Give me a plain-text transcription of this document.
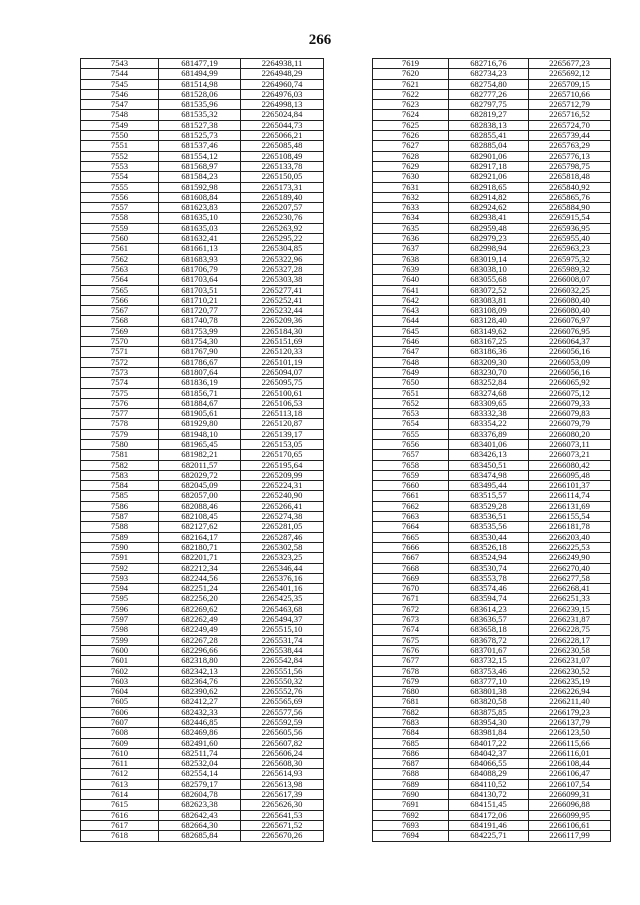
266
7543	681477,19	2264938,11
7544	681494,99	2264948,29
7545	681514,98	2264960,74
7546	681528,06	2264976,03
7547	681535,96	2264998,13
7548	681535,32	2265024,84
7549	681527,38	2265044,73
7550	681525,73	2265066,21
7551	681537,46	2265085,48
7552	681554,12	2265108,49
7553	681568,97	2265133,78
7554	681584,23	2265150,05
7555	681592,98	2265173,31
7556	681608,84	2265189,40
7557	681623,83	2265207,57
7558	681635,10	2265230,76
7559	681635,03	2265263,92
7560	681632,41	2265295,22
7561	681661,13	2265304,85
7562	681683,93	2265322,96
7563	681706,79	2265327,28
7564	681703,64	2265303,38
7565	681703,51	2265277,41
7566	681710,21	2265252,41
7567	681720,77	2265232,44
7568	681740,78	2265209,36
7569	681753,99	2265184,30
7570	681754,30	2265151,69
7571	681767,90	2265120,33
7572	681786,67	2265101,19
7573	681807,64	2265094,07
7574	681836,19	2265095,75
7575	681856,71	2265100,61
7576	681884,67	2265106,53
7577	681905,61	2265113,18
7578	681929,80	2265120,87
7579	681948,10	2265139,17
7580	681965,45	2265153,05
7581	681982,21	2265170,65
7582	682011,57	2265195,64
7583	682029,72	2265209,99
7584	682045,09	2265224,31
7585	682057,00	2265240,90
7586	682088,46	2265266,41
7587	682108,45	2265274,38
7588	682127,62	2265281,05
7589	682164,17	2265287,46
7590	682180,71	2265302,58
7591	682201,71	2265323,25
7592	682212,34	2265346,44
7593	682244,56	2265376,16
7594	682251,24	2265401,16
7595	682256,20	2265425,35
7596	682269,62	2265463,68
7597	682262,49	2265494,37
7598	682249,49	2265515,10
7599	682267,28	2265531,74
7600	682296,66	2265538,44
7601	682318,80	2265542,84
7602	682342,13	2265551,56
7603	682364,76	2265550,32
7604	682390,62	2265552,76
7605	682412,27	2265565,69
7606	682432,33	2265577,56
7607	682446,85	2265592,59
7608	682469,86	2265605,56
7609	682491,60	2265607,82
7610	682511,74	2265606,24
7611	682532,04	2265608,30
7612	682554,14	2265614,93
7613	682579,17	2265613,98
7614	682604,78	2265617,39
7615	682623,38	2265626,30
7616	682642,43	2265641,53
7617	682664,30	2265671,52
7618	682685,84	2265670,26
7619	682716,76	2265677,23
7620	682734,23	2265692,12
7621	682754,80	2265709,15
7622	682777,26	2265710,66
7623	682797,75	2265712,79
7624	682819,27	2265716,52
7625	682838,13	2265724,70
7626	682855,41	2265739,44
7627	682885,04	2265763,29
7628	682901,06	2265776,13
7629	682917,18	2265798,75
7630	682921,06	2265818,48
7631	682918,65	2265840,92
7632	682914,82	2265865,76
7633	682924,62	2265884,90
7634	682938,41	2265915,54
7635	682959,48	2265936,95
7636	682979,23	2265955,40
7637	682998,94	2265963,23
7638	683019,14	2265975,32
7639	683038,10	2265989,32
7640	683055,68	2266008,07
7641	683072,52	2266032,25
7642	683083,81	2266080,40
7643	683108,09	2266080,40
7644	683128,40	2266076,97
7645	683149,62	2266076,95
7646	683167,25	2266064,37
7647	683186,36	2266056,16
7648	683209,30	2266053,09
7649	683230,70	2266056,16
7650	683252,84	2266065,92
7651	683274,68	2266075,12
7652	683309,65	2266079,33
7653	683332,38	2266079,83
7654	683354,22	2266079,79
7655	683376,89	2266080,20
7656	683401,06	2266073,11
7657	683426,13	2266073,21
7658	683450,51	2266080,42
7659	683474,98	2266095,48
7660	683495,44	2266101,37
7661	683515,57	2266114,74
7662	683529,28	2266131,69
7663	683536,51	2266155,54
7664	683535,56	2266181,78
7665	683530,44	2266203,40
7666	683526,18	2266225,53
7667	683524,94	2266249,90
7668	683530,74	2266270,40
7669	683553,78	2266277,58
7670	683574,46	2266268,41
7671	683594,74	2266251,33
7672	683614,23	2266239,15
7673	683636,57	2266231,87
7674	683658,18	2266228,75
7675	683678,72	2266228,17
7676	683701,67	2266230,58
7677	683732,15	2266231,07
7678	683753,46	2266230,52
7679	683777,10	2266235,19
7680	683801,38	2266226,94
7681	683820,58	2266211,40
7682	683875,85	2266179,23
7683	683954,30	2266137,79
7684	683981,84	2266123,50
7685	684017,22	2266115,66
7686	684042,37	2266116,01
7687	684066,55	2266108,44
7688	684088,29	2266106,47
7689	684110,52	2266107,54
7690	684130,72	2266099,31
7691	684151,45	2266096,88
7692	684172,06	2266099,95
7693	684191,46	2266106,61
7694	684225,71	2266117,99
